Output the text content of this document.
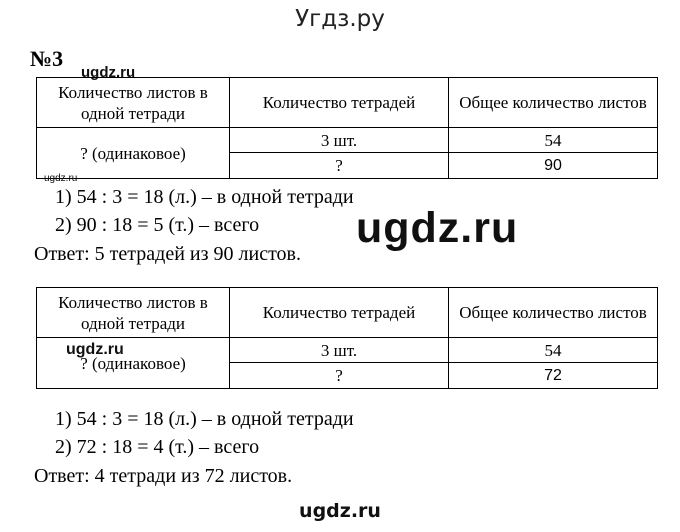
Угдз.ру
№3
ugdz.ru
Количество листов в одной тетради	Количество тетрадей	Общее количество листов
? (одинаковое)	3 шт.	54
	?	90
ugdz.ru
1) 54 : 3 = 18 (л.) – в одной тетради
2) 90 : 18 = 5 (т.) – всего
Ответ: 5 тетрадей из 90 листов.
ugdz.ru
Количество листов в одной тетради	Количество тетрадей	Общее количество листов
? (одинаковое)	3 шт.	54
	?	72
ugdz.ru
1) 54 : 3 = 18 (л.) – в одной тетради
2) 72 : 18 = 4 (т.) – всего
Ответ: 4 тетради из 72 листов.
ugdz.ru
